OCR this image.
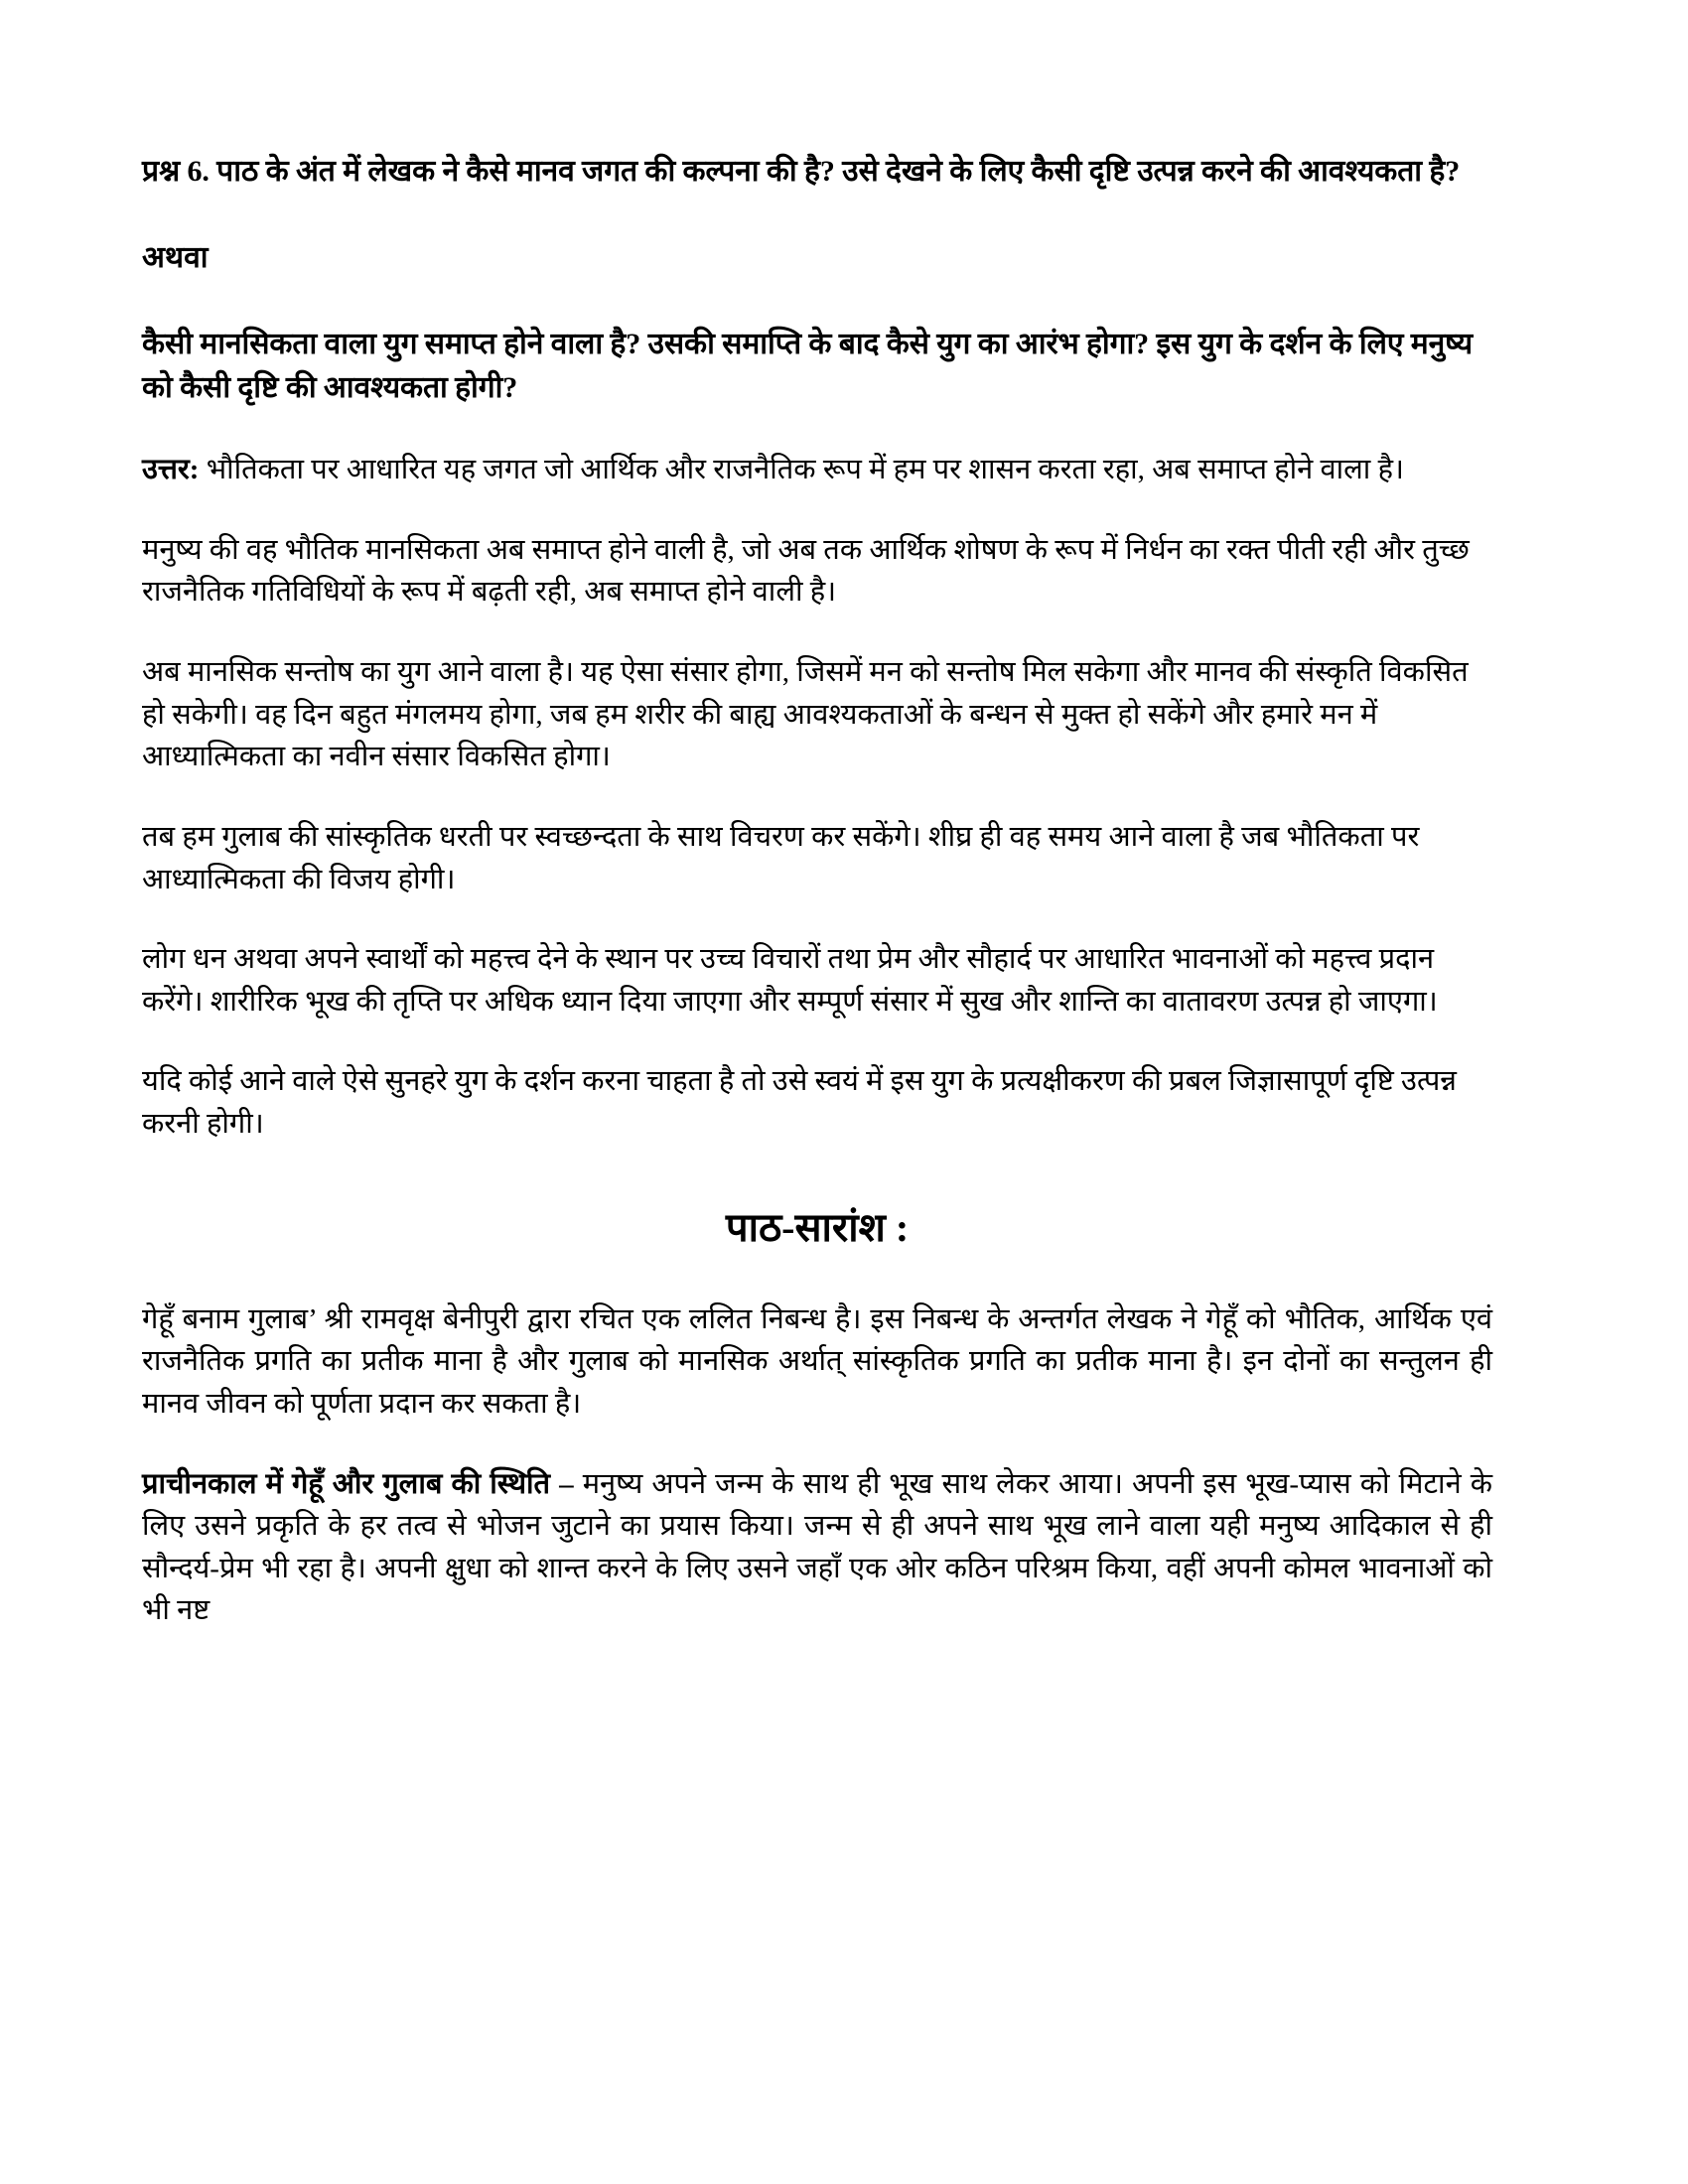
प्रश्न 6. पाठ के अंत में लेखक ने कैसे मानव जगत की कल्पना की है? उसे देखने के लिए कैसी दृष्टि उत्पन्न करने की आवश्यकता है?
अथवा
कैसी मानसिकता वाला युग समाप्त होने वाला है? उसकी समाप्ति के बाद कैसे युग का आरंभ होगा? इस युग के दर्शन के लिए मनुष्य को कैसी दृष्टि की आवश्यकता होगी?

उत्तर: भौतिकता पर आधारित यह जगत जो आर्थिक और राजनैतिक रूप में हम पर शासन करता रहा, अब समाप्त होने वाला है।

मनुष्य की वह भौतिक मानसिकता अब समाप्त होने वाली है, जो अब तक आर्थिक शोषण के रूप में निर्धन का रक्त पीती रही और तुच्छ राजनैतिक गतिविधियों के रूप में बढ़ती रही, अब समाप्त होने वाली है।

अब मानसिक सन्तोष का युग आने वाला है। यह ऐसा संसार होगा, जिसमें मन को सन्तोष मिल सकेगा और मानव की संस्कृति विकसित हो सकेगी। वह दिन बहुत मंगलमय होगा, जब हम शरीर की बाह्य आवश्यकताओं के बन्धन से मुक्त हो सकेंगे और हमारे मन में आध्यात्मिकता का नवीन संसार विकसित होगा।

तब हम गुलाब की सांस्कृतिक धरती पर स्वच्छन्दता के साथ विचरण कर सकेंगे। शीघ्र ही वह समय आने वाला है जब भौतिकता पर आध्यात्मिकता की विजय होगी।

लोग धन अथवा अपने स्वार्थों को महत्त्व देने के स्थान पर उच्च विचारों तथा प्रेम और सौहार्द पर आधारित भावनाओं को महत्त्व प्रदान करेंगे। शारीरिक भूख की तृप्ति पर अधिक ध्यान दिया जाएगा और सम्पूर्ण संसार में सुख और शान्ति का वातावरण उत्पन्न हो जाएगा।

यदि कोई आने वाले ऐसे सुनहरे युग के दर्शन करना चाहता है तो उसे स्वयं में इस युग के प्रत्यक्षीकरण की प्रबल जिज्ञासापूर्ण दृष्टि उत्पन्न करनी होगी।

पाठ-सारांश :

गेहूँ बनाम गुलाब’ श्री रामवृक्ष बेनीपुरी द्वारा रचित एक ललित निबन्ध है। इस निबन्ध के अन्तर्गत लेखक ने गेहूँ को भौतिक, आर्थिक एवं राजनैतिक प्रगति का प्रतीक माना है और गुलाब को मानसिक अर्थात् सांस्कृतिक प्रगति का प्रतीक माना है। इन दोनों का सन्तुलन ही मानव जीवन को पूर्णता प्रदान कर सकता है।

प्राचीनकाल में गेहूँ और गुलाब की स्थिति – मनुष्य अपने जन्म के साथ ही भूख साथ लेकर आया। अपनी इस भूख-प्यास को मिटाने के लिए उसने प्रकृति के हर तत्व से भोजन जुटाने का प्रयास किया। जन्म से ही अपने साथ भूख लाने वाला यही मनुष्य आदिकाल से ही सौन्दर्य-प्रेम भी रहा है। अपनी क्षुधा को शान्त करने के लिए उसने जहाँ एक ओर कठिन परिश्रम किया, वहीं अपनी कोमल भावनाओं को भी नष्ट
